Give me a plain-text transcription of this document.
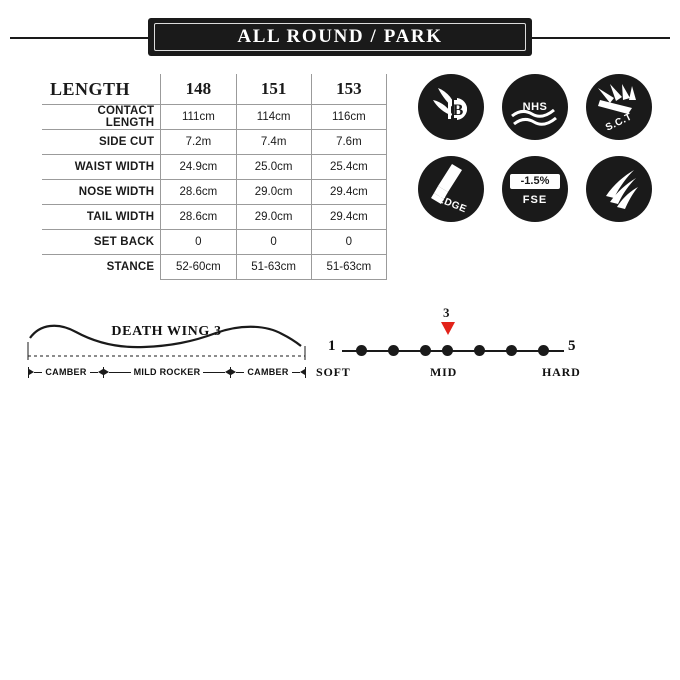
ALL ROUND / PARK
LENGTH	148	151	153
CONTACT LENGTH	111cm	114cm	116cm
SIDE CUT	7.2m	7.4m	7.6m
WAIST WIDTH	24.9cm	25.0cm	25.4cm
NOSE WIDTH	28.6cm	29.0cm	29.4cm
TAIL WIDTH	28.6cm	29.0cm	29.4cm
SET BACK	0	0	0
STANCE	52-60cm	51-63cm	51-63cm
B	NHS
S.C.T
EDGE
-1.5%
FSE
DEATH WING 3
CAMBER	MILD ROCKER	CAMBER
3
1	5
SOFT	MID	HARD
